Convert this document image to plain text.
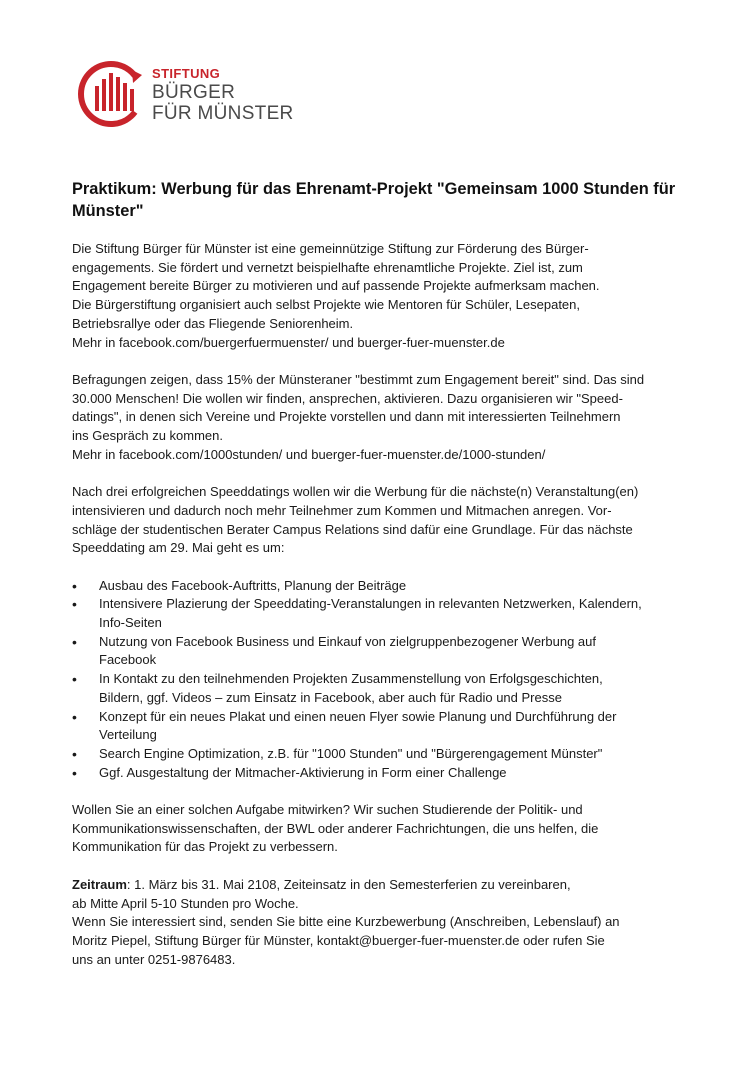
STIFTUNG
BÜRGER
FÜR MÜNSTER
Praktikum: Werbung für das Ehrenamt-Projekt "Gemeinsam 1000 Stunden für Münster"

Die Stiftung Bürger für Münster ist eine gemeinnützige Stiftung zur Förderung des Bürger-
engagements. Sie fördert und vernetzt beispielhafte ehrenamtliche Projekte. Ziel ist, zum
Engagement bereite Bürger zu motivieren und auf passende Projekte aufmerksam machen.
Die Bürgerstiftung organisiert auch selbst Projekte wie Mentoren für Schüler, Lesepaten,
Betriebsrallye oder das Fliegende Seniorenheim.
Mehr in facebook.com/buergerfuermuenster/ und buerger-fuer-muenster.de

Befragungen zeigen, dass 15% der Münsteraner "bestimmt zum Engagement bereit" sind. Das sind
30.000 Menschen! Die wollen wir finden, ansprechen, aktivieren. Dazu organisieren wir "Speed-
datings", in denen sich Vereine und Projekte vorstellen und dann mit interessierten Teilnehmern
ins Gespräch zu kommen.
Mehr in facebook.com/1000stunden/ und buerger-fuer-muenster.de/1000-stunden/

Nach drei erfolgreichen Speeddatings wollen wir die Werbung für die nächste(n) Veranstaltung(en)
intensivieren und dadurch noch mehr Teilnehmer zum Kommen und Mitmachen anregen. Vor-
schläge der studentischen Berater Campus Relations sind dafür eine Grundlage. Für das nächste
Speeddating am 29. Mai geht es um:

• Ausbau des Facebook-Auftritts, Planung der Beiträge
• Intensivere Plazierung der Speeddating-Veranstalungen in relevanten Netzwerken, Kalendern,
Info-Seiten
• Nutzung von Facebook Business und Einkauf von zielgruppenbezogener Werbung auf
Facebook
• In Kontakt zu den teilnehmenden Projekten Zusammenstellung von Erfolgsgeschichten,
Bildern, ggf. Videos – zum Einsatz in Facebook, aber auch für Radio und Presse
• Konzept für ein neues Plakat und einen neuen Flyer sowie Planung und Durchführung der
Verteilung
• Search Engine Optimization, z.B. für "1000 Stunden" und "Bürgerengagement Münster"
• Ggf. Ausgestaltung der Mitmacher-Aktivierung in Form einer Challenge

Wollen Sie an einer solchen Aufgabe mitwirken? Wir suchen Studierende der Politik- und
Kommunikationswissenschaften, der BWL oder anderer Fachrichtungen, die uns helfen, die
Kommunikation für das Projekt zu verbessern.

Zeitraum: 1. März bis 31. Mai 2108, Zeiteinsatz in den Semesterferien zu vereinbaren,
ab Mitte April 5-10 Stunden pro Woche.
Wenn Sie interessiert sind, senden Sie bitte eine Kurzbewerbung (Anschreiben, Lebenslauf) an
Moritz Piepel, Stiftung Bürger für Münster, kontakt@buerger-fuer-muenster.de oder rufen Sie
uns an unter 0251-9876483.
